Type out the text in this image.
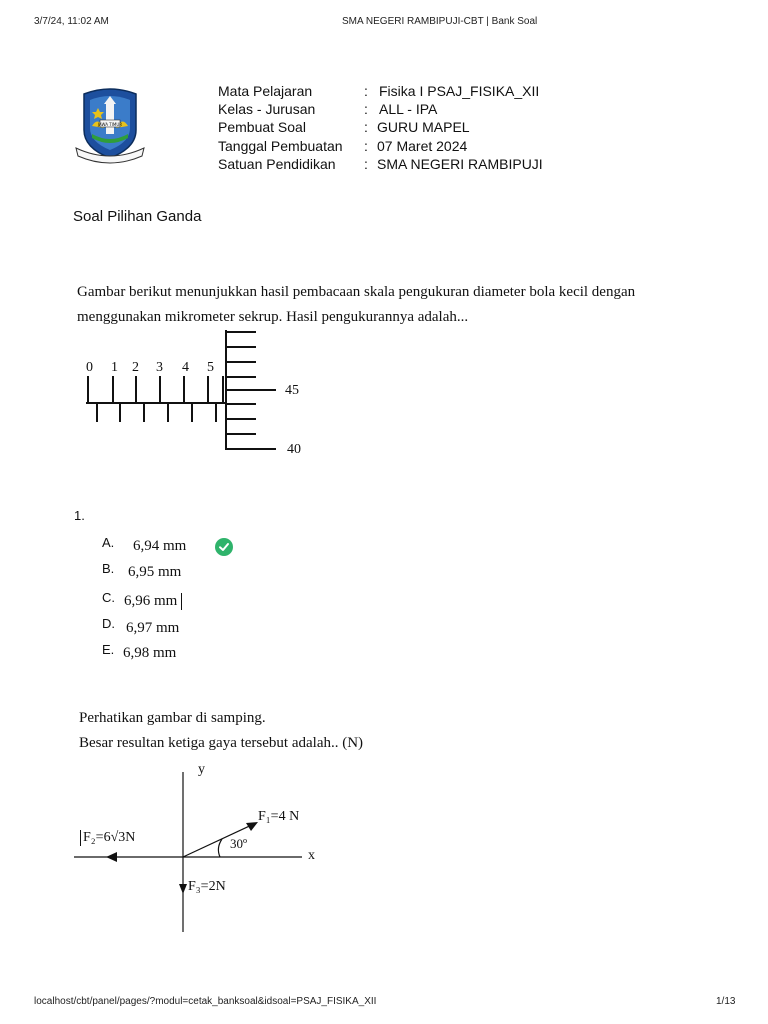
3/7/24, 11:02 AM	SMA NEGERI RAMBIPUJI-CBT | Bank Soal
JAWA TIMUR
Mata Pelajaran	: Fisika I PSAJ_FISIKA_XII
Kelas - Jurusan	: ALL - IPA
Pembuat Soal	: GURU MAPEL
Tanggal Pembuatan : 07 Maret 2024
Satuan Pendidikan : SMA NEGERI RAMBIPUJI
Soal Pilihan Ganda
Gambar berikut menunjukkan hasil pembacaan skala pengukuran diameter bola kecil dengan
menggunakan mikrometer sekrup. Hasil pengukurannya adalah...
0 1 2 3 4 5
45
40
1.
A. 6,94 mm
B. 6,95 mm
C. 6,96 mm
D. 6,97 mm
E. 6,98 mm
Perhatikan gambar di samping.
Besar resultan ketiga gaya tersebut adalah.. (N)
y
x
F₁=4 N
F₂=6√3N
F₃=2N
30º
localhost/cbt/panel/pages/?modul=cetak_banksoal&idsoal=PSAJ_FISIKA_XII	1/13
